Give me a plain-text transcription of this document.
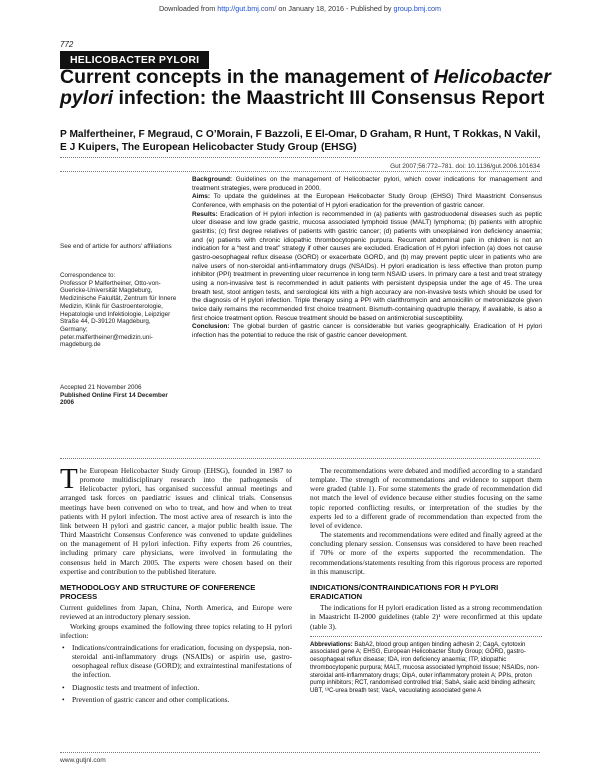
Downloaded from http://gut.bmj.com/ on January 18, 2016 - Published by group.bmj.com
772
HELICOBACTER PYLORI
Current concepts in the management of Helicobacter pylori infection: the Maastricht III Consensus Report
P Malfertheiner, F Megraud, C O’Morain, F Bazzoli, E El-Omar, D Graham, R Hunt, T Rokkas, N Vakil, E J Kuipers, The European Helicobacter Study Group (EHSG)
Gut 2007;56:772–781. doi: 10.1136/gut.2006.101634

Background: Guidelines on the management of Helicobacter pylori, which cover indications for management and treatment strategies, were produced in 2000.

Aims: To update the guidelines at the European Helicobacter Study Group (EHSG) Third Maastricht Consensus Conference, with emphasis on the potential of H pylori eradication for the prevention of gastric cancer.

Results: Eradication of H pylori infection is recommended in (a) patients with gastroduodenal diseases such as peptic ulcer disease and low grade gastric, mucosa associated lymphoid tissue (MALT) lymphoma; (b) patients with atrophic gastritis; (c) first degree relatives of patients with gastric cancer; (d) patients with unexplained iron deficiency anaemia; and (e) patients with chronic idiopathic thrombocytopenic purpura. Recurrent abdominal pain in children is not an indication for a “test and treat” strategy if other causes are excluded. Eradication of H pylori infection (a) does not cause gastro-oesophageal reflux disease (GORD) or exacerbate GORD, and (b) may prevent peptic ulcer in patients who are naïve users of non-steroidal anti-inflammatory drugs (NSAIDs). H pylori eradication is less effective than proton pump inhibitor (PPI) treatment in preventing ulcer recurrence in long term NSAID users. In primary care a test and treat strategy using a non-invasive test is recommended in adult patients with persistent dyspepsia under the age of 45. The urea breath test, stool antigen tests, and serological kits with a high accuracy are non-invasive tests which should be used for the diagnosis of H pylori infection. Triple therapy using a PPI with clarithromycin and amoxicillin or metronidazole given twice daily remains the recommended first choice treatment. Bismuth-containing quadruple therapy, if available, is also a first choice treatment option. Rescue treatment should be based on antimicrobial susceptibility.

Conclusion: The global burden of gastric cancer is considerable but varies geographically. Eradication of H pylori infection has the potential to reduce the risk of gastric cancer development.

See end of article for authors’ affiliations
Correspondence to:
Professor P Malfertheiner, Otto-von-Guericke-Universität Magdeburg, Medizinische Fakultät, Zentrum für Innere Medizin, Klinik für Gastroenterologie, Hepatologie und Infektiologie, Leipziger Straße 44, D-39120 Magdeburg, Germany; peter.malfertheiner@medizin.uni-magdeburg.de
Accepted 21 November 2006
Published Online First 14 December 2006

The European Helicobacter Study Group (EHSG), founded in 1987 to promote multidisciplinary research into the pathogenesis of Helicobacter pylori, has organised successful annual meetings and arranged task forces on paediatric issues and clinical trials. Consensus meetings have been convened on who to treat, and how and when to treat patients with H pylori infection. The most active area of research is into the link between H pylori and gastric cancer, a major public health issue. The Third Maastricht Consensus Conference was convened to update guidelines on the management of H pylori infection. Fifty experts from 26 countries, including primary care physicians, were involved in formulating the consensus held in March 2005. The experts were chosen based on their expertise and contribution to the published literature.

METHODOLOGY AND STRUCTURE OF CONFERENCE PROCESS

Current guidelines from Japan, China, North America, and Europe were reviewed at an introductory plenary session.

Working groups examined the following three topics relating to H pylori infection:

• Indications/contraindications for eradication, focusing on dyspepsia, non-steroidal anti-inflammatory drugs (NSAIDs) or aspirin use, gastro-oesophageal reflux disease (GORD); and extraintestinal manifestations of the infection.
• Diagnostic tests and treatment of infection.
• Prevention of gastric cancer and other complications.

The recommendations were debated and modified according to a standard template. The strength of recommendations and evidence to support them were graded (table 1). For some statements the grade of recommendation did not match the level of evidence because either studies focusing on the same topic reported conflicting results, or interpretation of the studies by the experts led to a different grade of recommendation than expected from the level of evidence.

The statements and recommendations were edited and finally agreed at the concluding plenary session. Consensus was considered to have been reached if 70% or more of the experts supported the recommendation. The recommendations/statements resulting from this rigorous process are reported in this manuscript.

INDICATIONS/CONTRAINDICATIONS FOR H PYLORI ERADICATION

The indications for H pylori eradication listed as a strong recommendation in Maastricht II-2000 guidelines (table 2)¹ were reconfirmed at this update (table 3).

Abbreviations: BabA2, blood group antigen binding adhesin 2; CagA, cytotoxin associated gene A; EHSG, European Helicobacter Study Group; GORD, gastro-oesophageal reflux disease; IDA, iron deficiency anaemia; ITP, idiopathic thrombocytopenic purpura; MALT, mucosa associated lymphoid tissue; NSAIDs, non-steroidal anti-inflammatory drugs; OipA, outer inflammatory protein A; PPIs, proton pump inhibitors; RCT, randomised controlled trial; SabA, sialic acid binding adhesin; UBT, ¹³C-urea breath test; VacA, vacuolating associated gene A
www.gutjnl.com
